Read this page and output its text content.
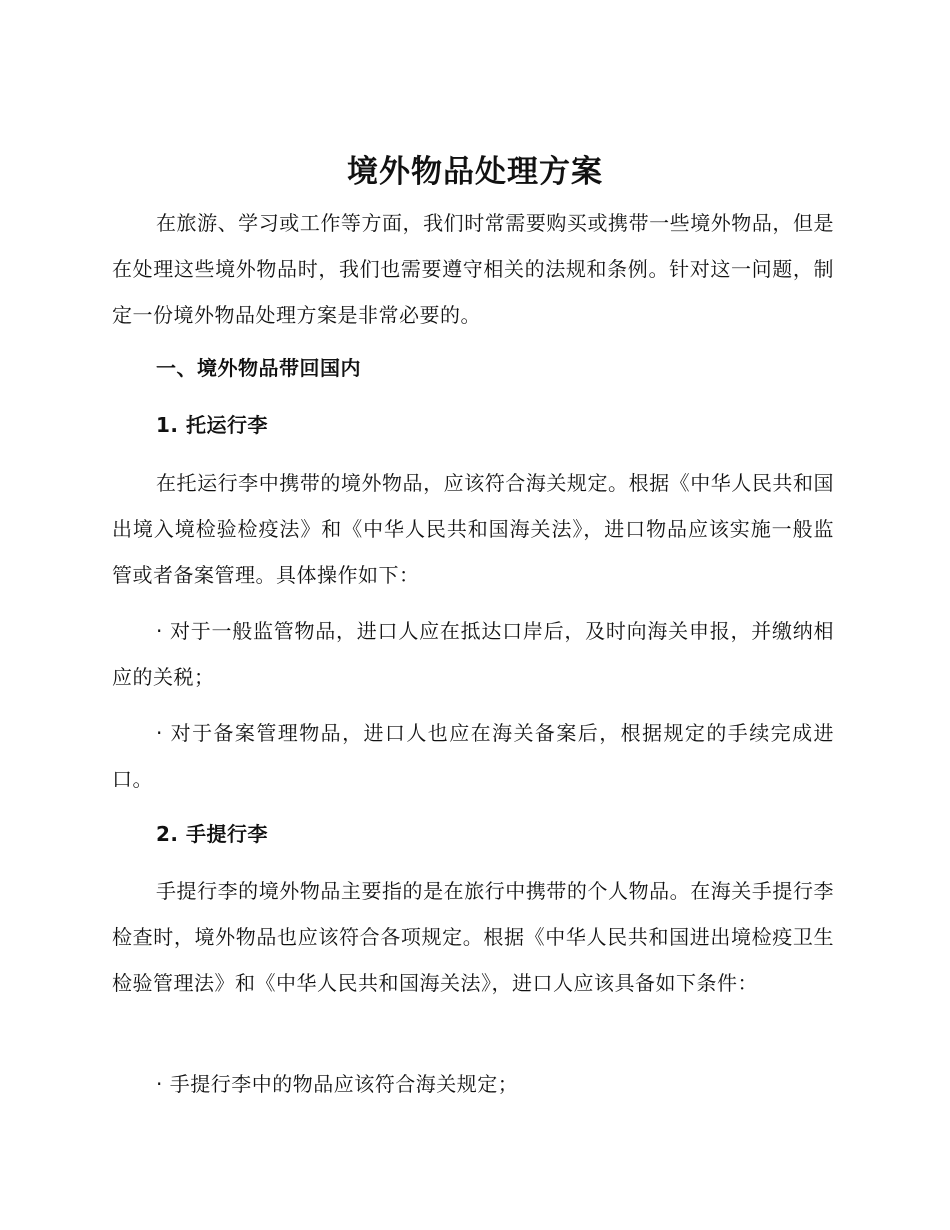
境外物品处理方案

在旅游、学习或工作等方面，我们时常需要购买或携带一些境外物品，但是在处理这些境外物品时，我们也需要遵守相关的法规和条例。针对这一问题，制定一份境外物品处理方案是非常必要的。

一、境外物品带回国内
1. 托运行李

在托运行李中携带的境外物品，应该符合海关规定。根据《中华人民共和国出境入境检验检疫法》和《中华人民共和国海关法》，进口物品应该实施一般监管或者备案管理。具体操作如下：

· 对于一般监管物品，进口人应在抵达口岸后，及时向海关申报，并缴纳相应的关税；

· 对于备案管理物品，进口人也应在海关备案后，根据规定的手续完成进口。

2. 手提行李

手提行李的境外物品主要指的是在旅行中携带的个人物品。在海关手提行李检查时，境外物品也应该符合各项规定。根据《中华人民共和国进出境检疫卫生检验管理法》和《中华人民共和国海关法》，进口人应该具备如下条件：

· 手提行李中的物品应该符合海关规定；
